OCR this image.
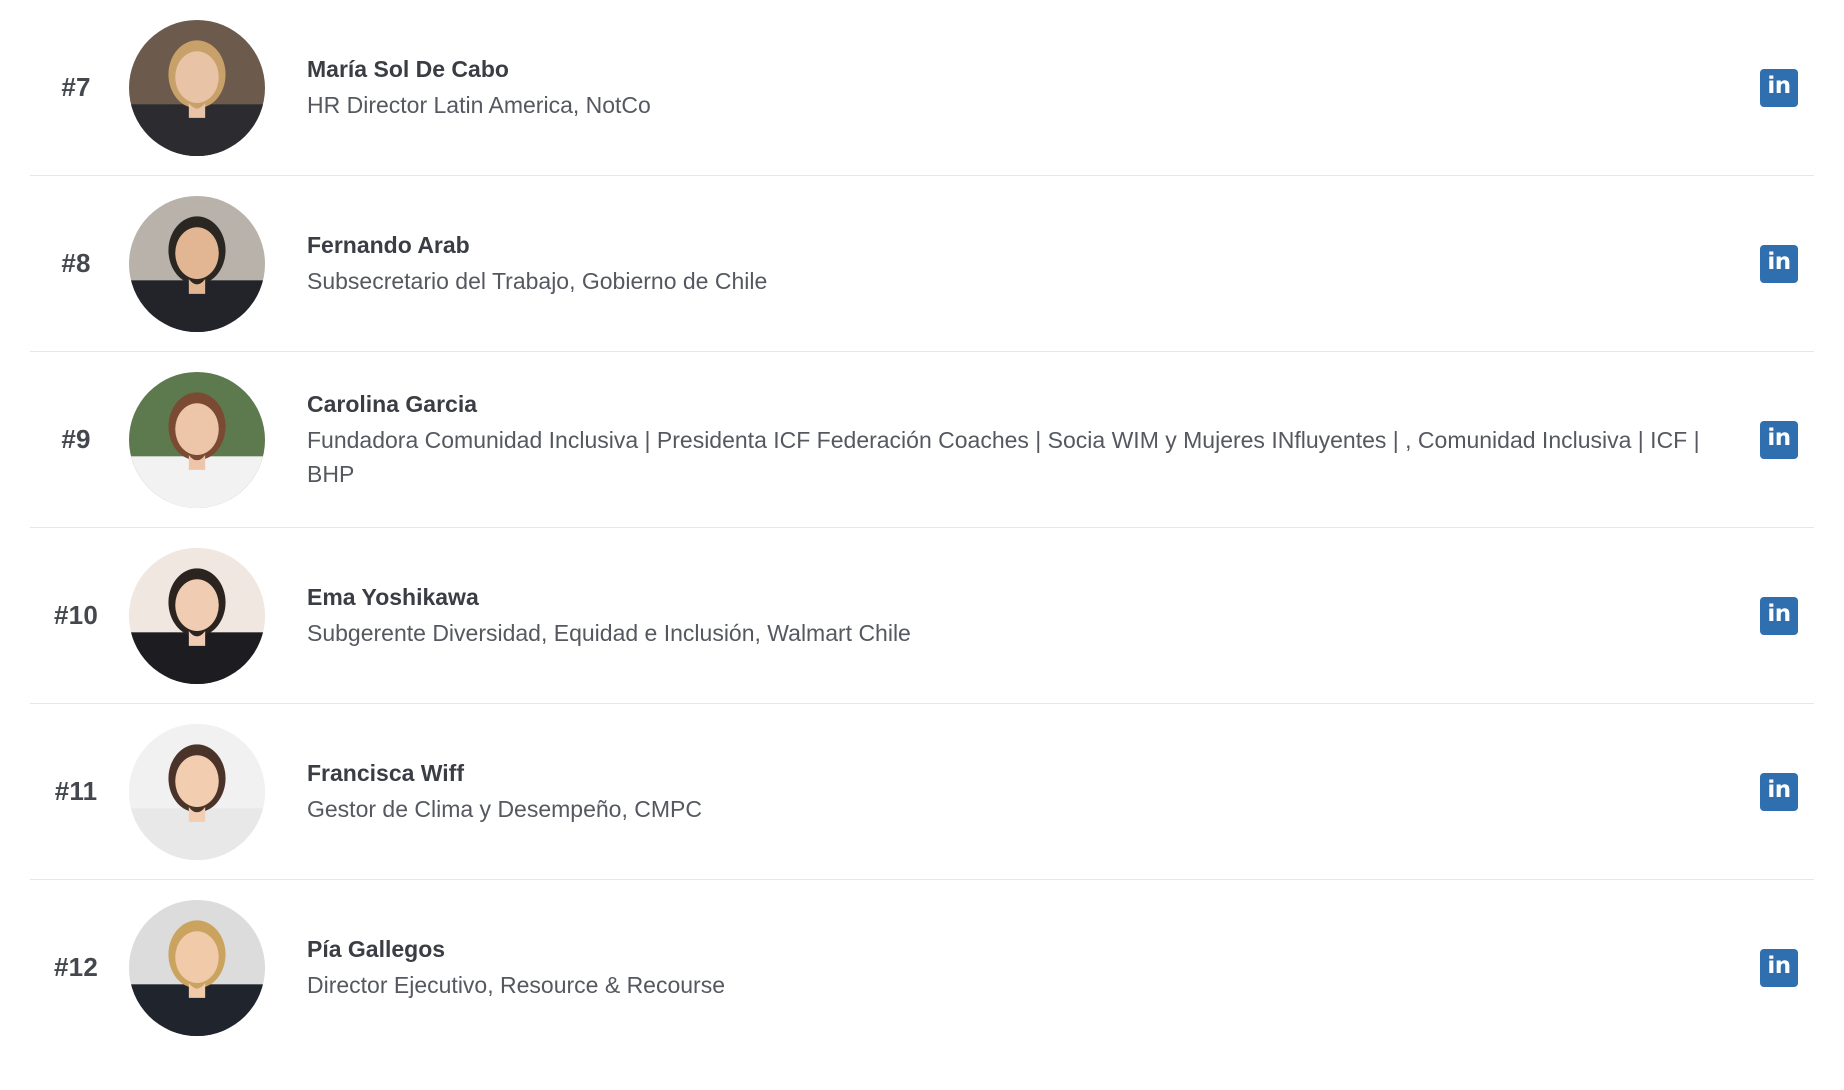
#7
María Sol De Cabo
HR Director Latin America, NotCo
in
#8
Fernando Arab
Subsecretario del Trabajo, Gobierno de Chile
in
#9
Carolina Garcia
Fundadora Comunidad Inclusiva | Presidenta ICF Federación Coaches | Socia WIM y Mujeres INfluyentes | , Comunidad Inclusiva | ICF | BHP
in
#10
Ema Yoshikawa
Subgerente Diversidad, Equidad e Inclusión, Walmart Chile
in
#11
Francisca Wiff
Gestor de Clima y Desempeño, CMPC
in
#12
Pía Gallegos
Director Ejecutivo, Resource & Recourse
in
